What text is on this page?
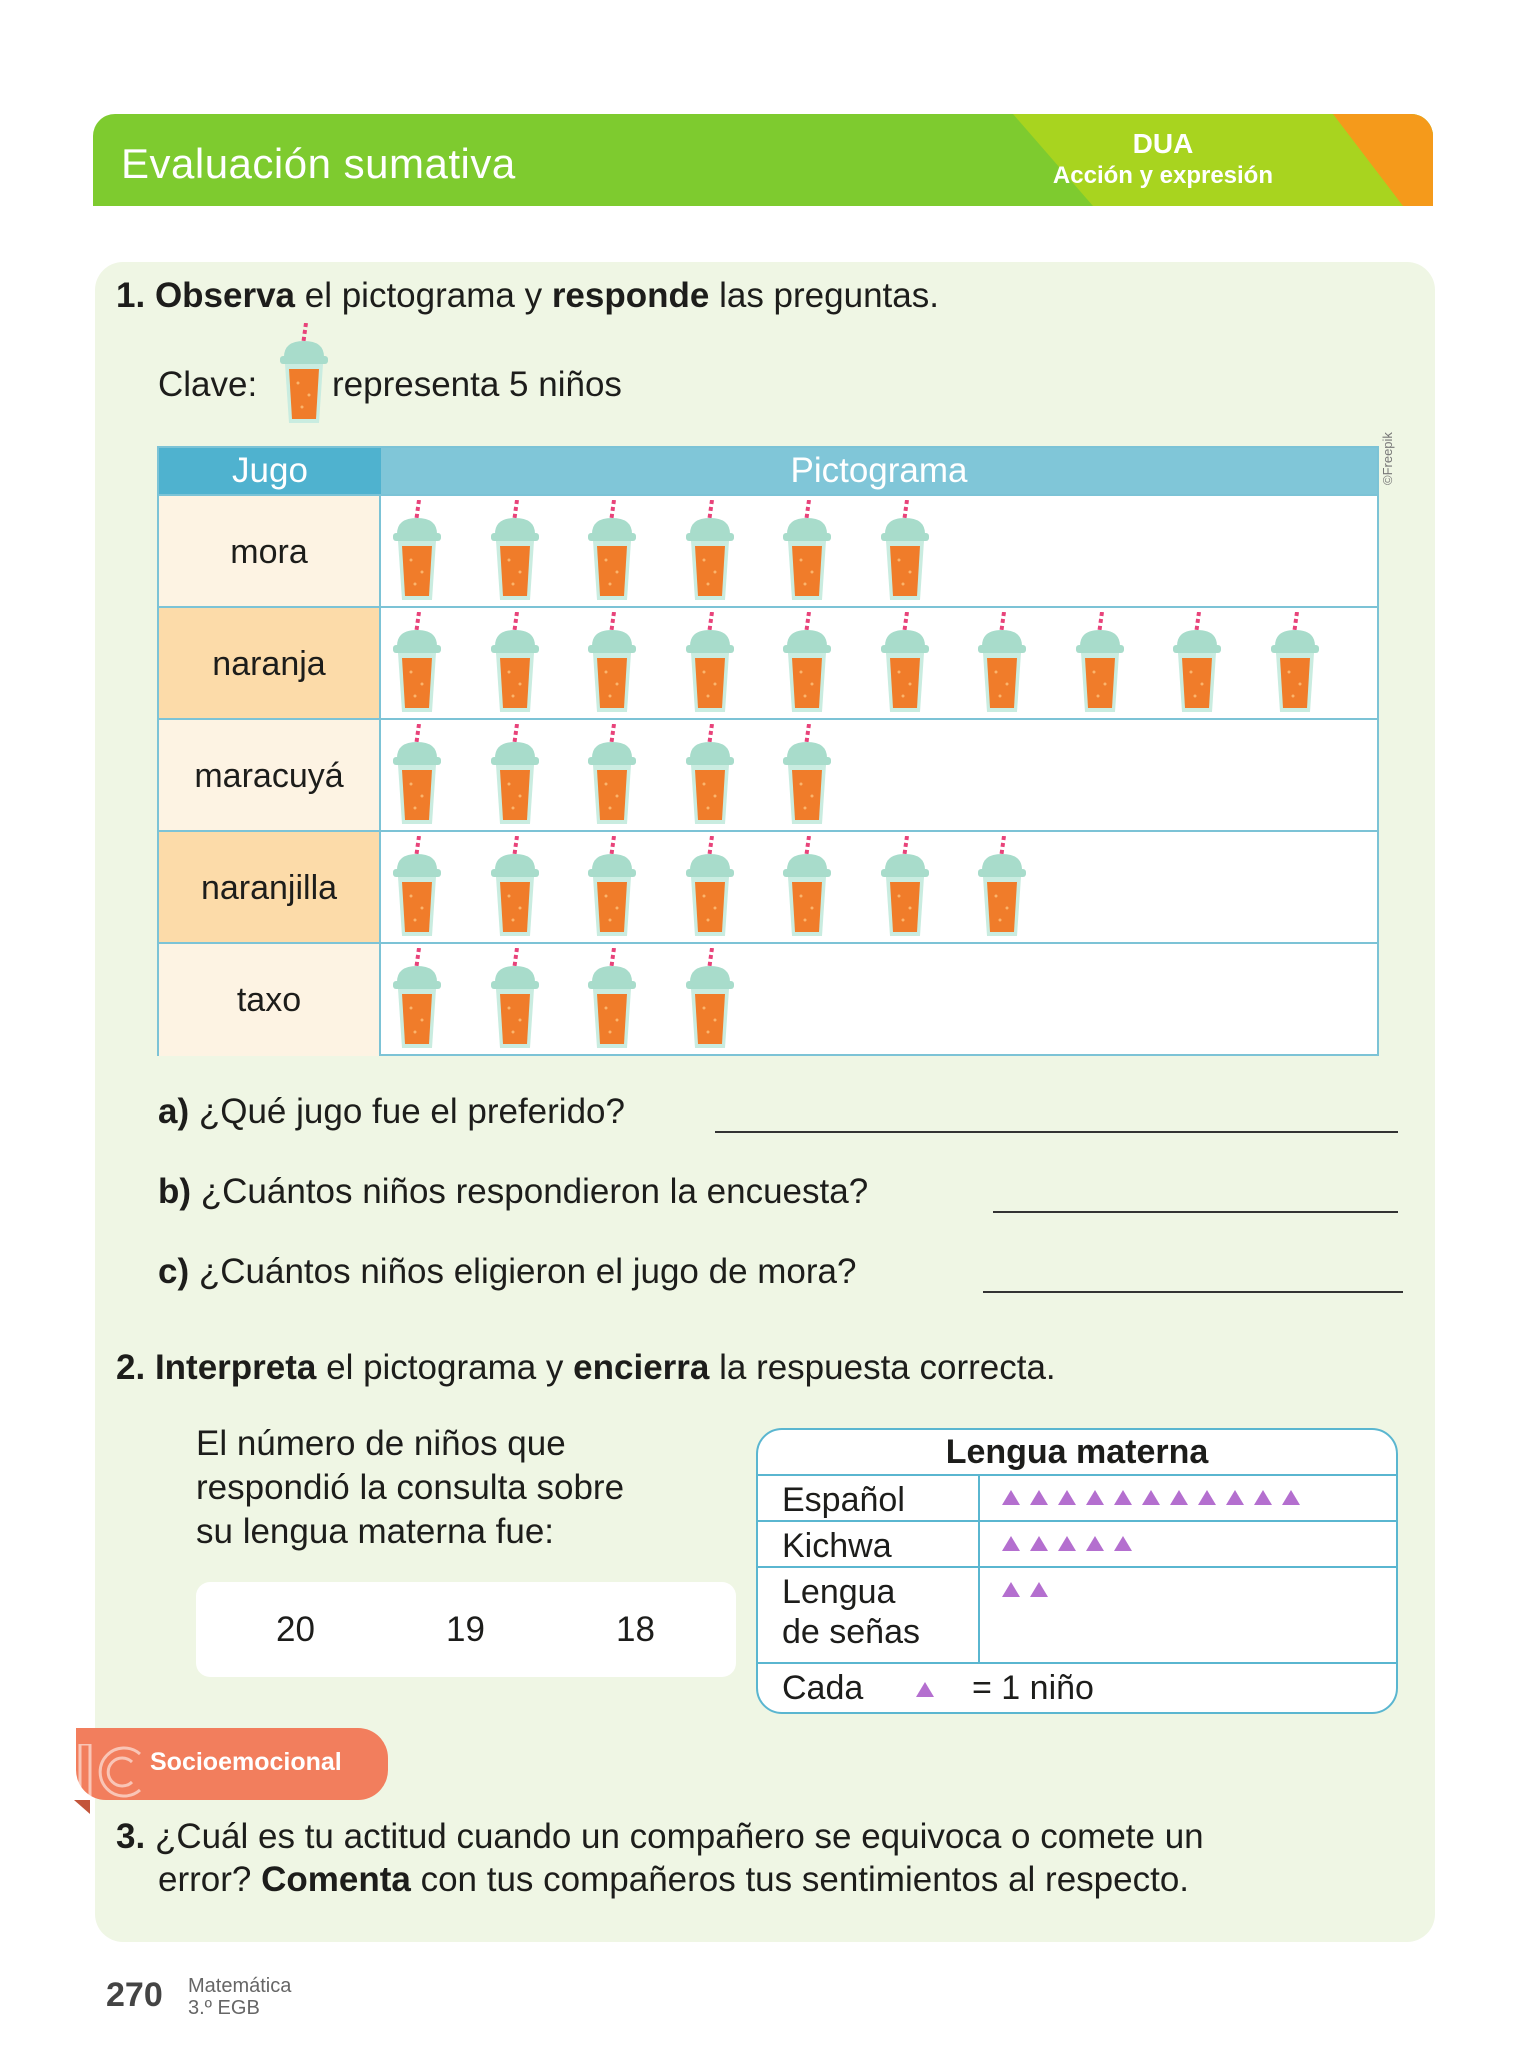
Evaluación sumativa	DUA
Acción y expresión
1. Observa el pictograma y responde las preguntas.
Clave: representa 5 niños
©Freepik
Jugo	Pictograma
mora
naranja
maracuyá
naranjilla
taxo
a) ¿Qué jugo fue el preferido?
b) ¿Cuántos niños respondieron la encuesta?
c) ¿Cuántos niños eligieron el jugo de mora?
2. Interpreta el pictograma y encierra la respuesta correcta.
El número de niños que
respondió la consulta sobre
su lengua materna fue:
20	19	18
Lengua materna
Español
Kichwa
Lengua
de señas
Cada	= 1 niño
Socioemocional
3. ¿Cuál es tu actitud cuando un compañero se equivoca o comete un
error? Comenta con tus compañeros tus sentimientos al respecto.
270 Matemática
3.º EGB
